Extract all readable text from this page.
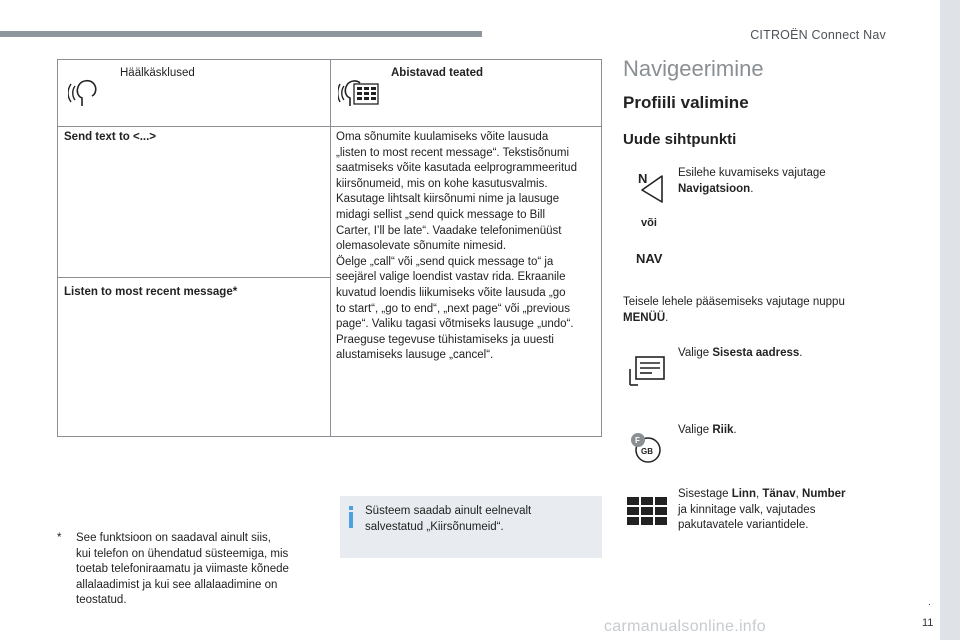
CITROËN Connect Nav
Häälkäsklused	Abistavad teated
Send text to <...>
Listen to most recent message*

Oma sõnumite kuulamiseks võite lausuda

„listen to most recent message“. Tekstisõnumi

saatmiseks võite kasutada eelprogrammeeritud

kiirsõnumeid, mis on kohe kasutusvalmis.

Kasutage lihtsalt kiirsõnumi nime ja lausuge

midagi sellist „send quick message to Bill

Carter, I’ll be late“. Vaadake telefonimenüüst

olemasolevate sõnumite nimesid.

Öelge „call“ või „send quick message to“ ja

seejärel valige loendist vastav rida. Ekraanile

kuvatud loendis liikumiseks võite lausuda „go

to start“, „go to end“, „next page“ või „previous

page“. Valiku tagasi võtmiseks lausuge „undo“.

Praeguse tegevuse tühistamiseks ja uuesti

alustamiseks lausuge „cancel“.

* See funktsioon on saadaval ainult siis,

kui telefon on ühendatud süsteemiga, mis

toetab telefoniraamatu ja viimaste kõnede

allalaadimist ja kui see allalaadimine on

teostatud.

Süsteem saadab ainult eelnevalt

salvestatud „Kiirsõnumeid“.

Navigeerimine
Profiili valimine
Uude sihtpunkti
N	Esilehe kuvamiseks vajutage
Navigatsioon.
või
NAV
Teisele lehele pääsemiseks vajutage nuppu
MENÜÜ.
Valige Sisesta aadress.
F
GB
Valige Riik.
Sisestage Linn, Tänav, Number
ja kinnitage valk, vajutades
pakutavatele variantidele.
.
11
carmanualsonline.info
